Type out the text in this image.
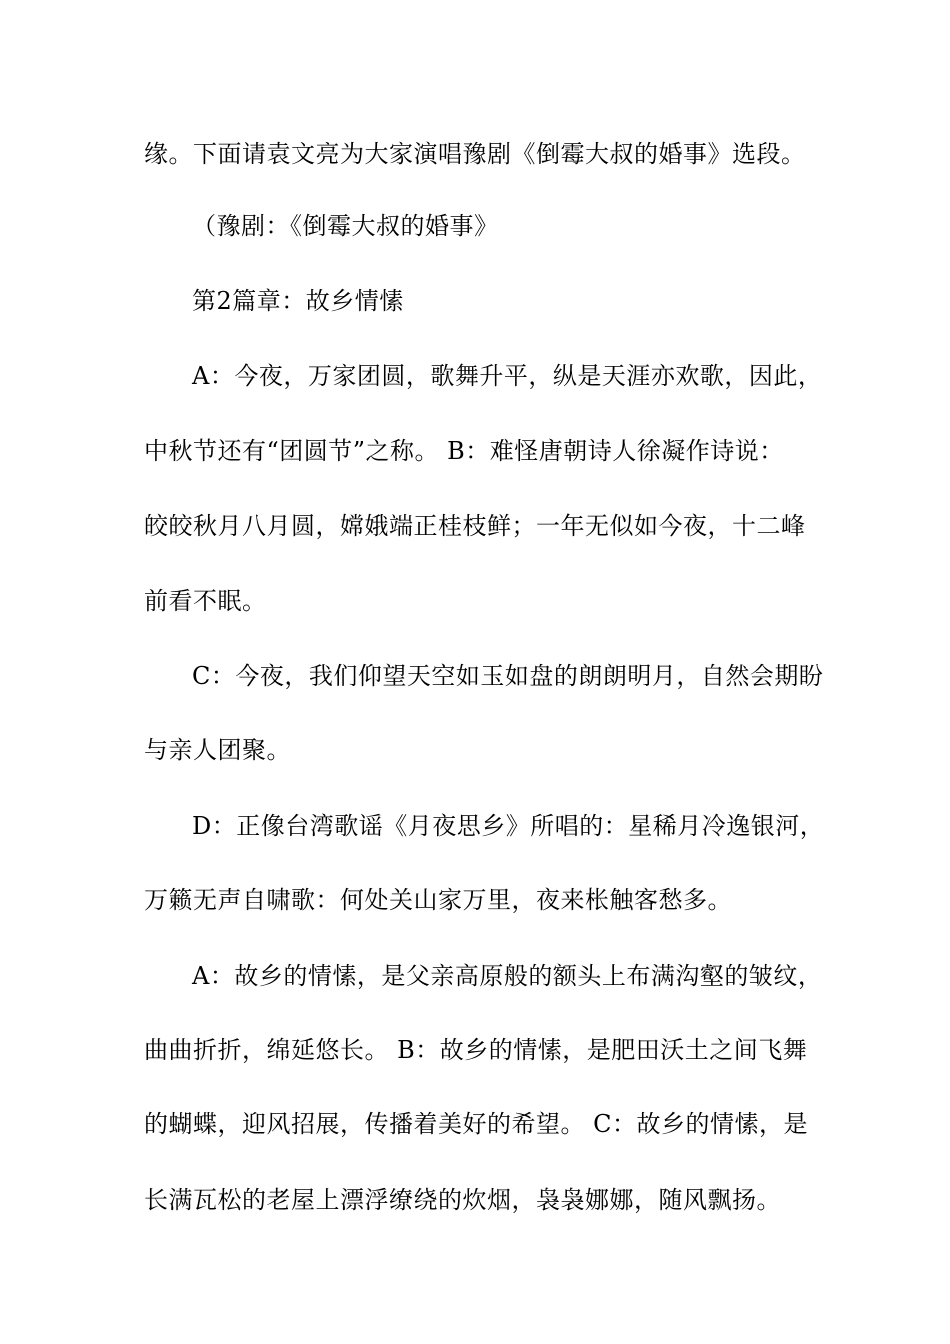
缘。下面请袁文亮为大家演唱豫剧《倒霉大叔的婚事》选段。
（豫剧：《倒霉大叔的婚事》
第2篇章：故乡情愫
A：今夜，万家团圆，歌舞升平，纵是天涯亦欢歌，因此，
中秋节还有“团圆节”之称。 B：难怪唐朝诗人徐凝作诗说：
皎皎秋月八月圆，嫦娥端正桂枝鲜；一年无似如今夜，十二峰
前看不眠。
C：今夜，我们仰望天空如玉如盘的朗朗明月，自然会期盼
与亲人团聚。
D：正像台湾歌谣《月夜思乡》所唱的：星稀月冷逸银河，
万籁无声自啸歌：何处关山家万里，夜来枨触客愁多。
A：故乡的情愫，是父亲高原般的额头上布满沟壑的皱纹，
曲曲折折，绵延悠长。 B：故乡的情愫，是肥田沃土之间飞舞
的蝴蝶，迎风招展，传播着美好的希望。 C：故乡的情愫，是
长满瓦松的老屋上漂浮缭绕的炊烟，袅袅娜娜，随风飘扬。
